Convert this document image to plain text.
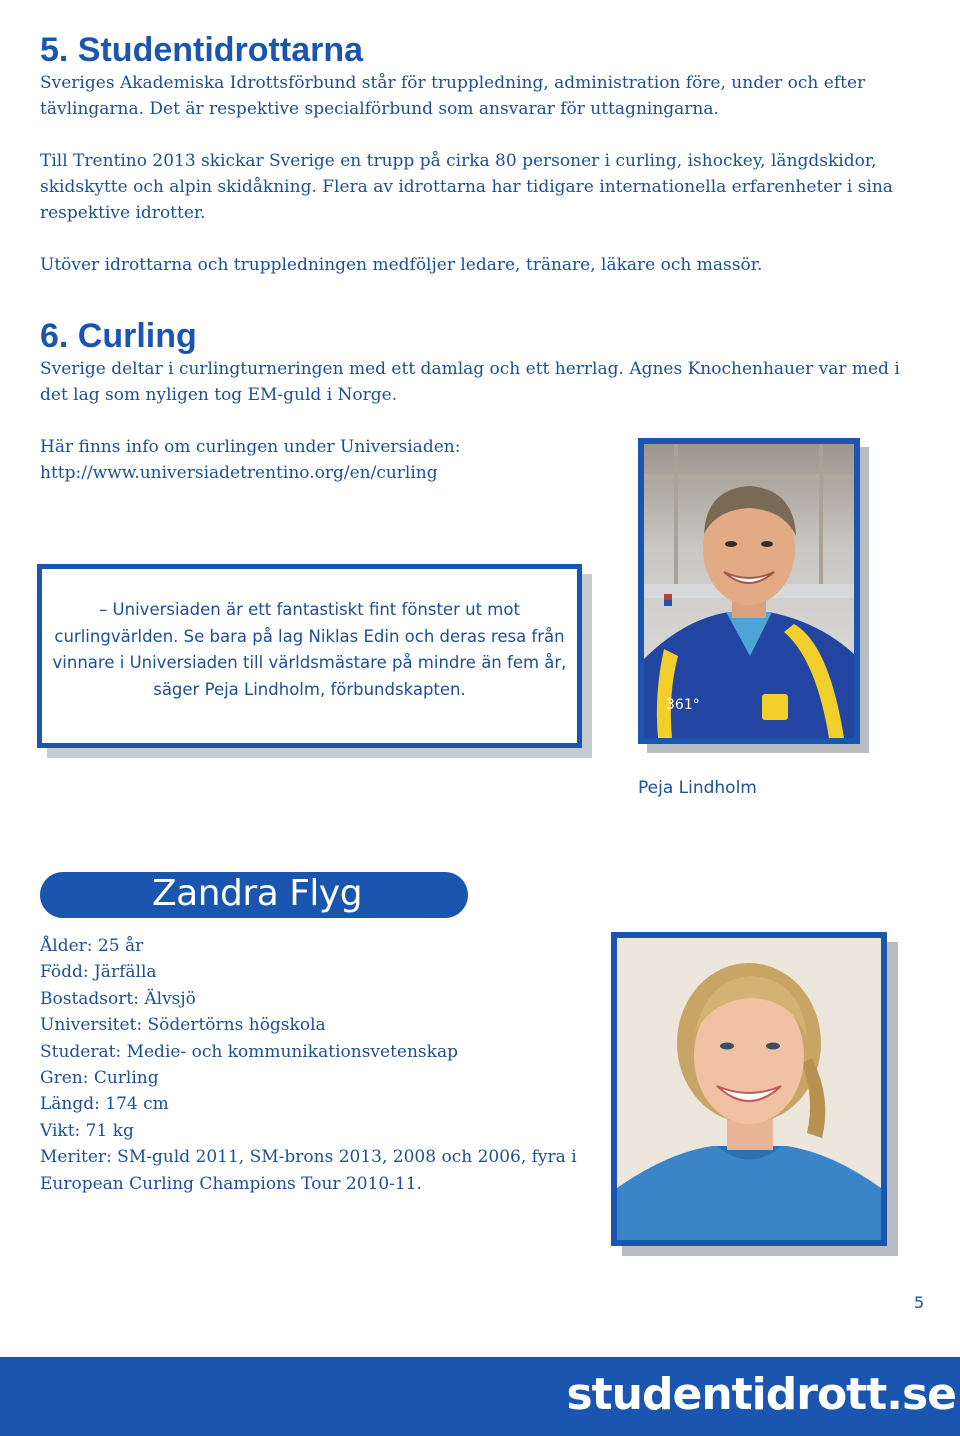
5. Studentidrottarna

Sveriges Akademiska Idrottsförbund står för truppledning, administration före, under och efter tävlingarna. Det är respektive specialförbund som ansvarar för uttagningarna.

Till Trentino 2013 skickar Sverige en trupp på cirka 80 personer i curling, ishockey, längdskidor, skidskytte och alpin skidåkning. Flera av idrottarna har tidigare internationella erfarenheter i sina respektive idrotter.

Utöver idrottarna och truppledningen medföljer ledare, tränare, läkare och massör.

6. Curling

Sverige deltar i curlingturneringen med ett damlag och ett herrlag. Agnes Knochenhauer var med i det lag som nyligen tog EM-guld i Norge.

Här finns info om curlingen under Universiaden:

http://www.universiadetrentino.org/en/curling

– Universiaden är ett fantastiskt fint fönster ut mot curlingvärlden. Se bara på lag Niklas Edin och deras resa från vinnare i Universiaden till världsmästare på mindre än fem år, säger Peja Lindholm, förbundskapten.
361°
Peja Lindholm
Zandra Flyg
Ålder: 25 år
Född: Järfälla
Bostadsort: Älvsjö
Universitet: Södertörns högskola
Studerat: Medie- och kommunikationsvetenskap
Gren: Curling
Längd: 174 cm
Vikt: 71 kg
Meriter: SM-guld 2011, SM-brons 2013, 2008 och 2006, fyra i
European Curling Champions Tour 2010-11.
5
studentidrott.se
